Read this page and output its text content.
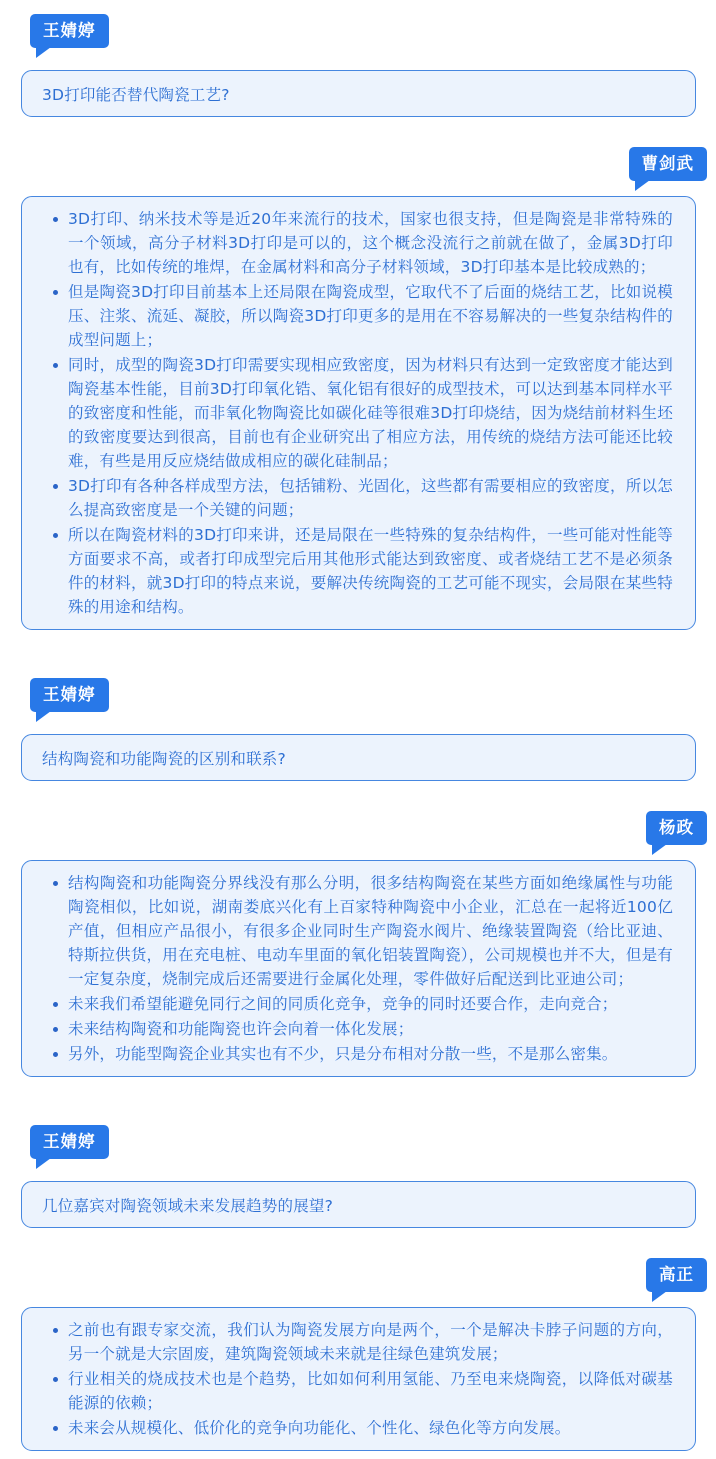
王婧婷

3D打印能否替代陶瓷工艺?

曹剑武
3D打印、纳米技术等是近20年来流行的技术，国家也很支持，但是陶瓷是非常特殊的一个领域，高分子材料3D打印是可以的，这个概念没流行之前就在做了，金属3D打印也有，比如传统的堆焊，在金属材料和高分子材料领域，3D打印基本是比较成熟的；
但是陶瓷3D打印目前基本上还局限在陶瓷成型，它取代不了后面的烧结工艺，比如说模压、注浆、流延、凝胶，所以陶瓷3D打印更多的是用在不容易解决的一些复杂结构件的成型问题上；
同时，成型的陶瓷3D打印需要实现相应致密度，因为材料只有达到一定致密度才能达到陶瓷基本性能，目前3D打印氧化锆、氧化铝有很好的成型技术，可以达到基本同样水平的致密度和性能，而非氧化物陶瓷比如碳化硅等很难3D打印烧结，因为烧结前材料生坯的致密度要达到很高，目前也有企业研究出了相应方法，用传统的烧结方法可能还比较难，有些是用反应烧结做成相应的碳化硅制品；
3D打印有各种各样成型方法，包括铺粉、光固化，这些都有需要相应的致密度，所以怎么提高致密度是一个关键的问题；
所以在陶瓷材料的3D打印来讲，还是局限在一些特殊的复杂结构件，一些可能对性能等方面要求不高，或者打印成型完后用其他形式能达到致密度、或者烧结工艺不是必须条件的材料，就3D打印的特点来说，要解决传统陶瓷的工艺可能不现实，会局限在某些特殊的用途和结构。
王婧婷

结构陶瓷和功能陶瓷的区别和联系?

杨政
结构陶瓷和功能陶瓷分界线没有那么分明，很多结构陶瓷在某些方面如绝缘属性与功能陶瓷相似，比如说，湖南娄底兴化有上百家特种陶瓷中小企业，汇总在一起将近100亿产值，但相应产品很小，有很多企业同时生产陶瓷水阀片、绝缘装置陶瓷（给比亚迪、特斯拉供货，用在充电桩、电动车里面的氧化铝装置陶瓷），公司规模也并不大，但是有一定复杂度，烧制完成后还需要进行金属化处理，零件做好后配送到比亚迪公司；
未来我们希望能避免同行之间的同质化竞争，竞争的同时还要合作，走向竞合；
未来结构陶瓷和功能陶瓷也许会向着一体化发展；
另外，功能型陶瓷企业其实也有不少，只是分布相对分散一些，不是那么密集。
王婧婷

几位嘉宾对陶瓷领域未来发展趋势的展望?

高正
之前也有跟专家交流，我们认为陶瓷发展方向是两个，一个是解决卡脖子问题的方向，另一个就是大宗固废，建筑陶瓷领域未来就是往绿色建筑发展；
行业相关的烧成技术也是个趋势，比如如何利用氢能、乃至电来烧陶瓷，以降低对碳基能源的依赖；
未来会从规模化、低价化的竞争向功能化、个性化、绿色化等方向发展。
